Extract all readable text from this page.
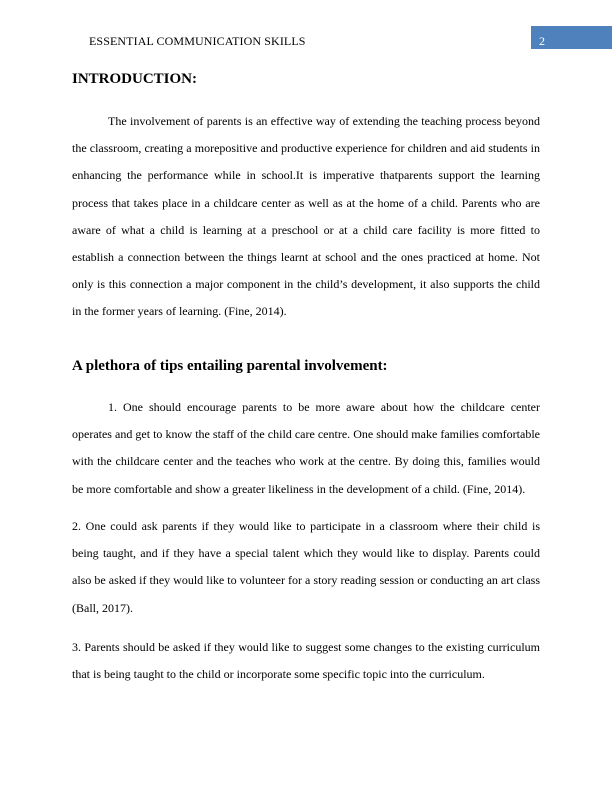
ESSENTIAL COMMUNICATION SKILLS	2
INTRODUCTION:

The involvement of parents is an effective way of extending the teaching process beyond the classroom, creating a morepositive and productive experience for children and aid students in enhancing the performance while in school.It is imperative thatparents support the learning process that takes place in a childcare center as well as at the home of a child. Parents who are aware of what a child is learning at a preschool or at a child care facility is more fitted to establish a connection between the things learnt at school and the ones practiced at home. Not only is this connection a major component in the child’s development, it also supports the child in the former years of learning. (Fine, 2014).

A plethora of tips entailing parental involvement:

1. One should encourage parents to be more aware about how the childcare center operates and get to know the staff of the child care centre. One should make families comfortable with the childcare center and the teaches who work at the centre. By doing this, families would be more comfortable and show a greater likeliness in the development of a child. (Fine, 2014).

2. One could ask parents if they would like to participate in a classroom where their child is being taught, and if they have a special talent which they would like to display. Parents could also be asked if they would like to volunteer for a story reading session or conducting an art class (Ball, 2017).

3. Parents should be asked if they would like to suggest some changes to the existing curriculum that is being taught to the child or incorporate some specific topic into the curriculum.
